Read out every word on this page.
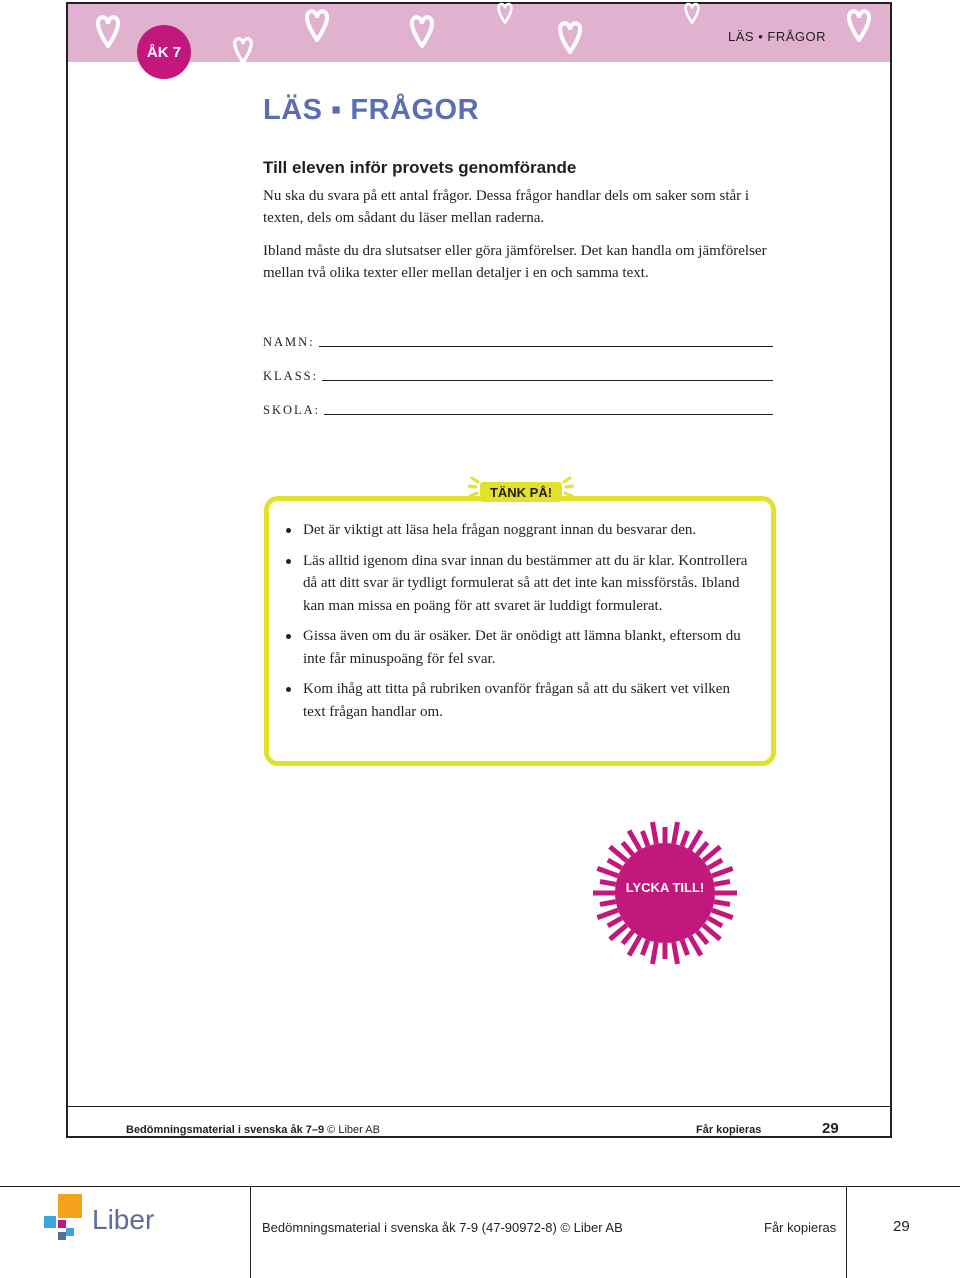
ÅK 7
LÄS • FRÅGOR
LÄS ▪ FRÅGOR
Till eleven inför provets genomförande
Nu ska du svara på ett antal frågor. Dessa frågor handlar dels om saker som står i texten, dels om sådant du läser mellan raderna.
Ibland måste du dra slutsatser eller göra jämförelser. Det kan handla om jämförelser mellan två olika texter eller mellan detaljer i en och samma text.
NAMN:
KLASS:
SKOLA:
TÄNK PÅ!
Det är viktigt att läsa hela frågan noggrant innan du besvarar den.
Läs alltid igenom dina svar innan du bestämmer att du är klar. Kontrollera då att ditt svar är tydligt formulerat så att det inte kan missförstås. Ibland kan man missa en poäng för att svaret är luddigt formulerat.
Gissa även om du är osäker. Det är onödigt att lämna blankt, eftersom du inte får minuspoäng för fel svar.
Kom ihåg att titta på rubriken ovanför frågan så att du säkert vet vilken text frågan handlar om.
LYCKA TILL!
Bedömningsmaterial i svenska åk 7–9 © Liber AB	Får kopieras	29
Liber	Bedömningsmaterial i svenska åk 7-9 (47-90972-8) © Liber AB	Får kopieras	29
